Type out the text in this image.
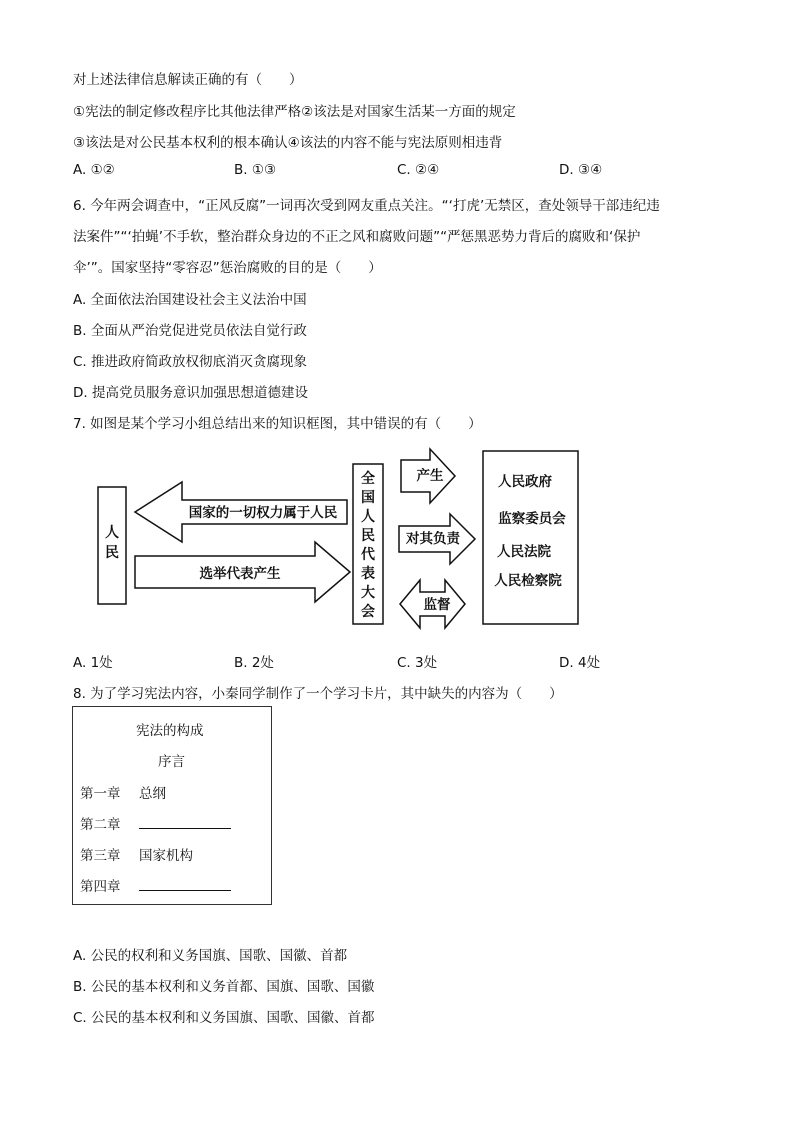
对上述法律信息解读正确的有（　　）
①宪法的制定修改程序比其他法律严格②该法是对国家生活某一方面的规定
③该法是对公民基本权利的根本确认④该法的内容不能与宪法原则相违背
A. ①②	B. ①③	C. ②④	D. ③④
6. 今年两会调查中，“正风反腐”一词再次受到网友重点关注。“‘打虎’无禁区，查处领导干部违纪违
法案件”“‘拍蝇’不手软，整治群众身边的不正之风和腐败问题”“严惩黑恶势力背后的腐败和‘保护
伞’”。国家坚持“零容忍”惩治腐败的目的是（　　）
A. 全面依法治国建设社会主义法治中国
B. 全面从严治党促进党员依法自觉行政
C. 推进政府简政放权彻底消灭贪腐现象
D. 提高党员服务意识加强思想道德建设
7. 如图是某个学习小组总结出来的知识框图，其中错误的有（　　）
人
民
国家的一切权力属于人民
选举代表产生
全
国
人
民
代
表
大
会
产生
对其负责
监督
人民政府
监察委员会
人民法院
人民检察院
A. 1处	B. 2处	C. 3处	D. 4处
8. 为了学习宪法内容，小秦同学制作了一个学习卡片，其中缺失的内容为（　　）
宪法的构成
序言
第一章 总纲
第二章
第三章 国家机构
第四章
A. 公民的权利和义务国旗、国歌、国徽、首都
B. 公民的基本权利和义务首都、国旗、国歌、国徽
C. 公民的基本权利和义务国旗、国歌、国徽、首都
